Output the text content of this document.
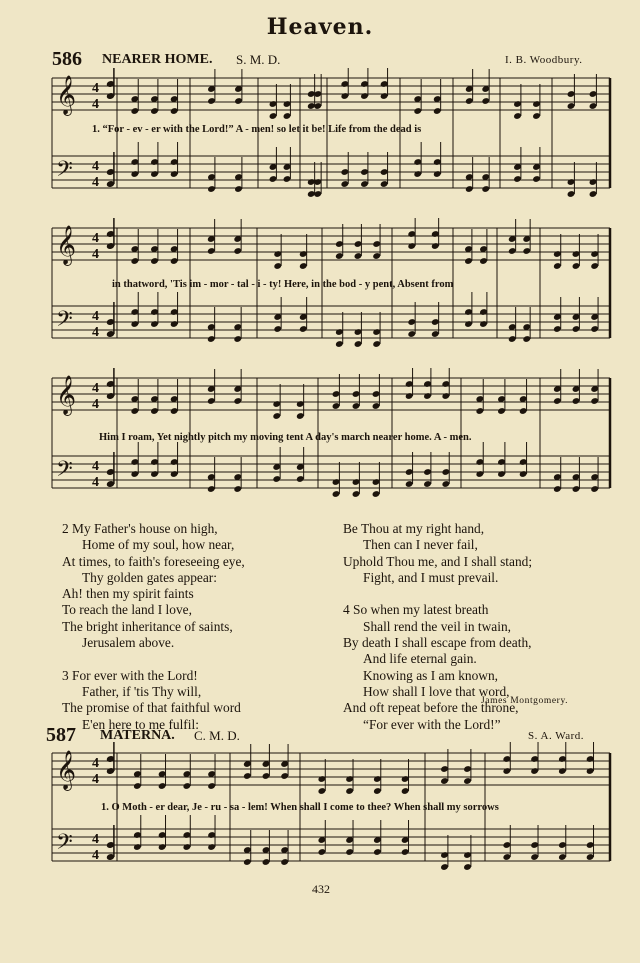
Heaven.
586 NEARER HOME. S. M. D.	I. B. Woodbury.
𝄞 4
4
𝄢 4
4
1. “For - ev - er with the Lord!” A - men! so let it be! Life from the dead is
𝄞 4
4
𝄢 4
4
in thatword, 'Tis im - mor - tal - i - ty! Here, in the bod - y pent, Absent from
𝄞 4
4
𝄢 4
4
Him I roam, Yet nightly pitch my moving tent A day's march nearer home. A - men.
2 My Father's house on high,
Home of my soul, how near,
At times, to faith's foreseeing eye,
Thy golden gates appear:
Ah! then my spirit faints
To reach the land I love,
The bright inheritance of saints,
Jerusalem above.

3 For ever with the Lord!
Father, if 'tis Thy will,
The promise of that faithful word
E'en here to me fulfil:
Be Thou at my right hand,
Then can I never fail,
Uphold Thou me, and I shall stand;
Fight, and I must prevail.

4 So when my latest breath
Shall rend the veil in twain,
By death I shall escape from death,
And life eternal gain.
Knowing as I am known,
How shall I love that word,
And oft repeat before the throne,
“For ever with the Lord!”
James Montgomery.
587 MATERNA. C. M. D.	S. A. Ward.
𝄞 4
4
𝄢 4
4
1. O Moth - er dear, Je - ru - sa - lem! When shall I come to thee? When shall my sorrows
432
